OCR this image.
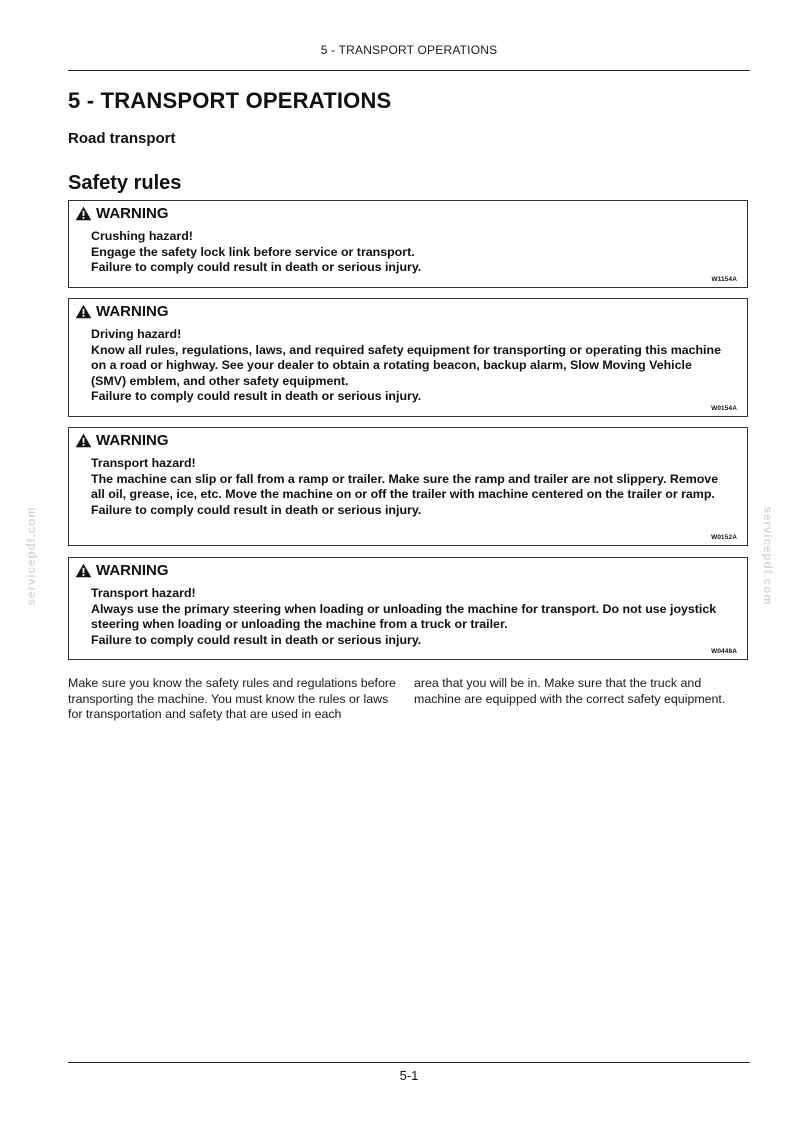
5 - TRANSPORT OPERATIONS
5 - TRANSPORT OPERATIONS
Road transport
Safety rules
WARNING

Crushing hazard!

Engage the safety lock link before service or transport.

Failure to comply could result in death or serious injury.

W1154A
WARNING

Driving hazard!

Know all rules, regulations, laws, and required safety equipment for transporting or operating this machine on a road or highway. See your dealer to obtain a rotating beacon, backup alarm, Slow Moving Vehicle (SMV) emblem, and other safety equipment.

Failure to comply could result in death or serious injury.

W0154A
WARNING

Transport hazard!

The machine can slip or fall from a ramp or trailer. Make sure the ramp and trailer are not slippery. Remove all oil, grease, ice, etc. Move the machine on or off the trailer with machine centered on the trailer or ramp.

Failure to comply could result in death or serious injury.

W0152A
WARNING

Transport hazard!

Always use the primary steering when loading or unloading the machine for transport. Do not use joystick steering when loading or unloading the machine from a truck or trailer.

Failure to comply could result in death or serious injury.

W0448A

Make sure you know the safety rules and regulations before transporting the machine. You must know the rules or laws for transportation and safety that are used in each

area that you will be in. Make sure that the truck and machine are equipped with the correct safety equipment.

servicepdf.com	servicepdf.com
5-1
